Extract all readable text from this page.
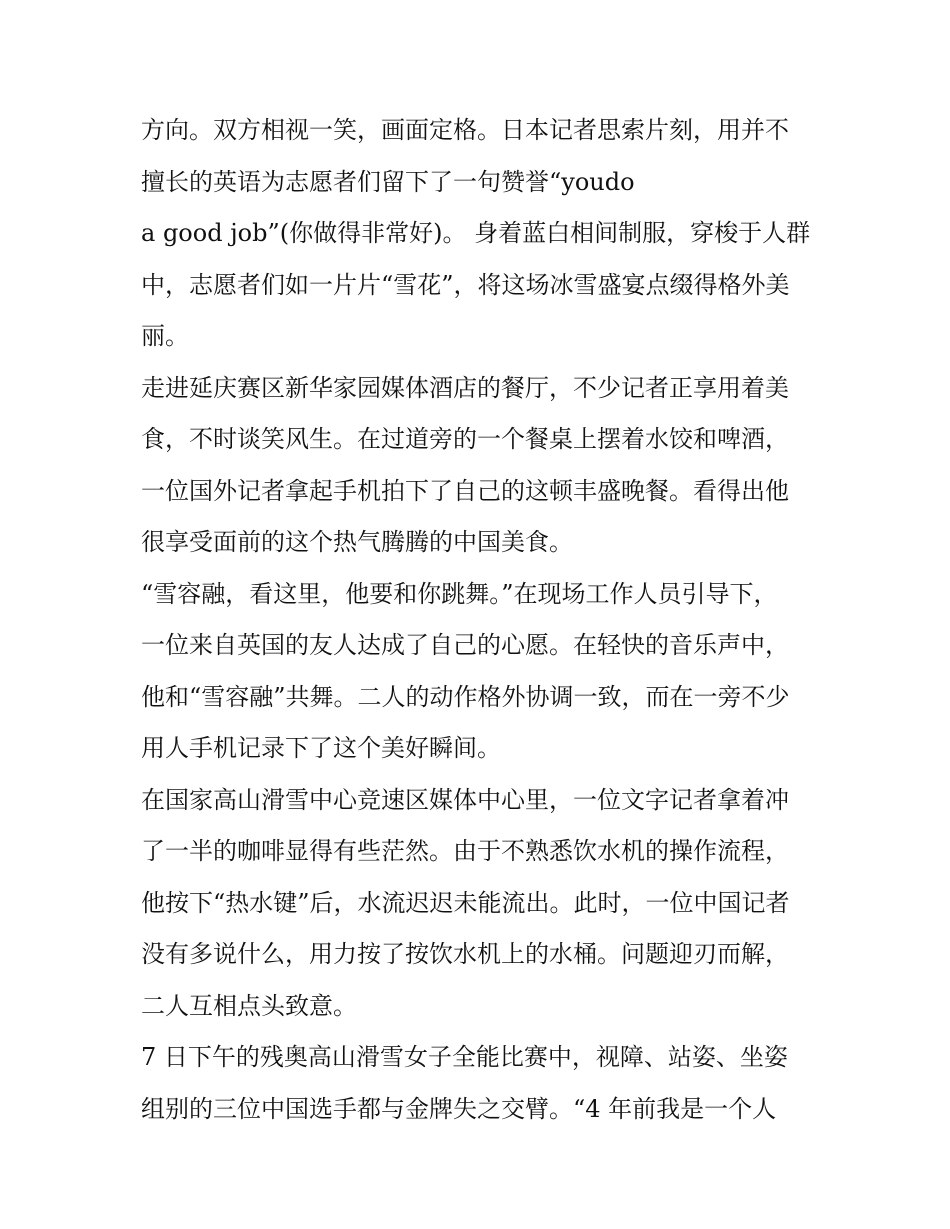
方向。双方相视一笑，画面定格。日本记者思索片刻，用并不
擅长的英语为志愿者们留下了一句赞誉“youdo
a good job”(你做得非常好)。 身着蓝白相间制服，穿梭于人群
中，志愿者们如一片片“雪花”，将这场冰雪盛宴点缀得格外美
丽。
走进延庆赛区新华家园媒体酒店的餐厅，不少记者正享用着美
食，不时谈笑风生。在过道旁的一个餐桌上摆着水饺和啤酒，
一位国外记者拿起手机拍下了自己的这顿丰盛晚餐。看得出他
很享受面前的这个热气腾腾的中国美食。
“雪容融，看这里，他要和你跳舞。”在现场工作人员引导下，
一位来自英国的友人达成了自己的心愿。在轻快的音乐声中，
他和“雪容融”共舞。二人的动作格外协调一致，而在一旁不少
用人手机记录下了这个美好瞬间。
在国家高山滑雪中心竞速区媒体中心里，一位文字记者拿着冲
了一半的咖啡显得有些茫然。由于不熟悉饮水机的操作流程，
他按下“热水键”后，水流迟迟未能流出。此时，一位中国记者
没有多说什么，用力按了按饮水机上的水桶。问题迎刃而解，
二人互相点头致意。
7 日下午的残奥高山滑雪女子全能比赛中，视障、站姿、坐姿
组别的三位中国选手都与金牌失之交臂。“4 年前我是一个人
